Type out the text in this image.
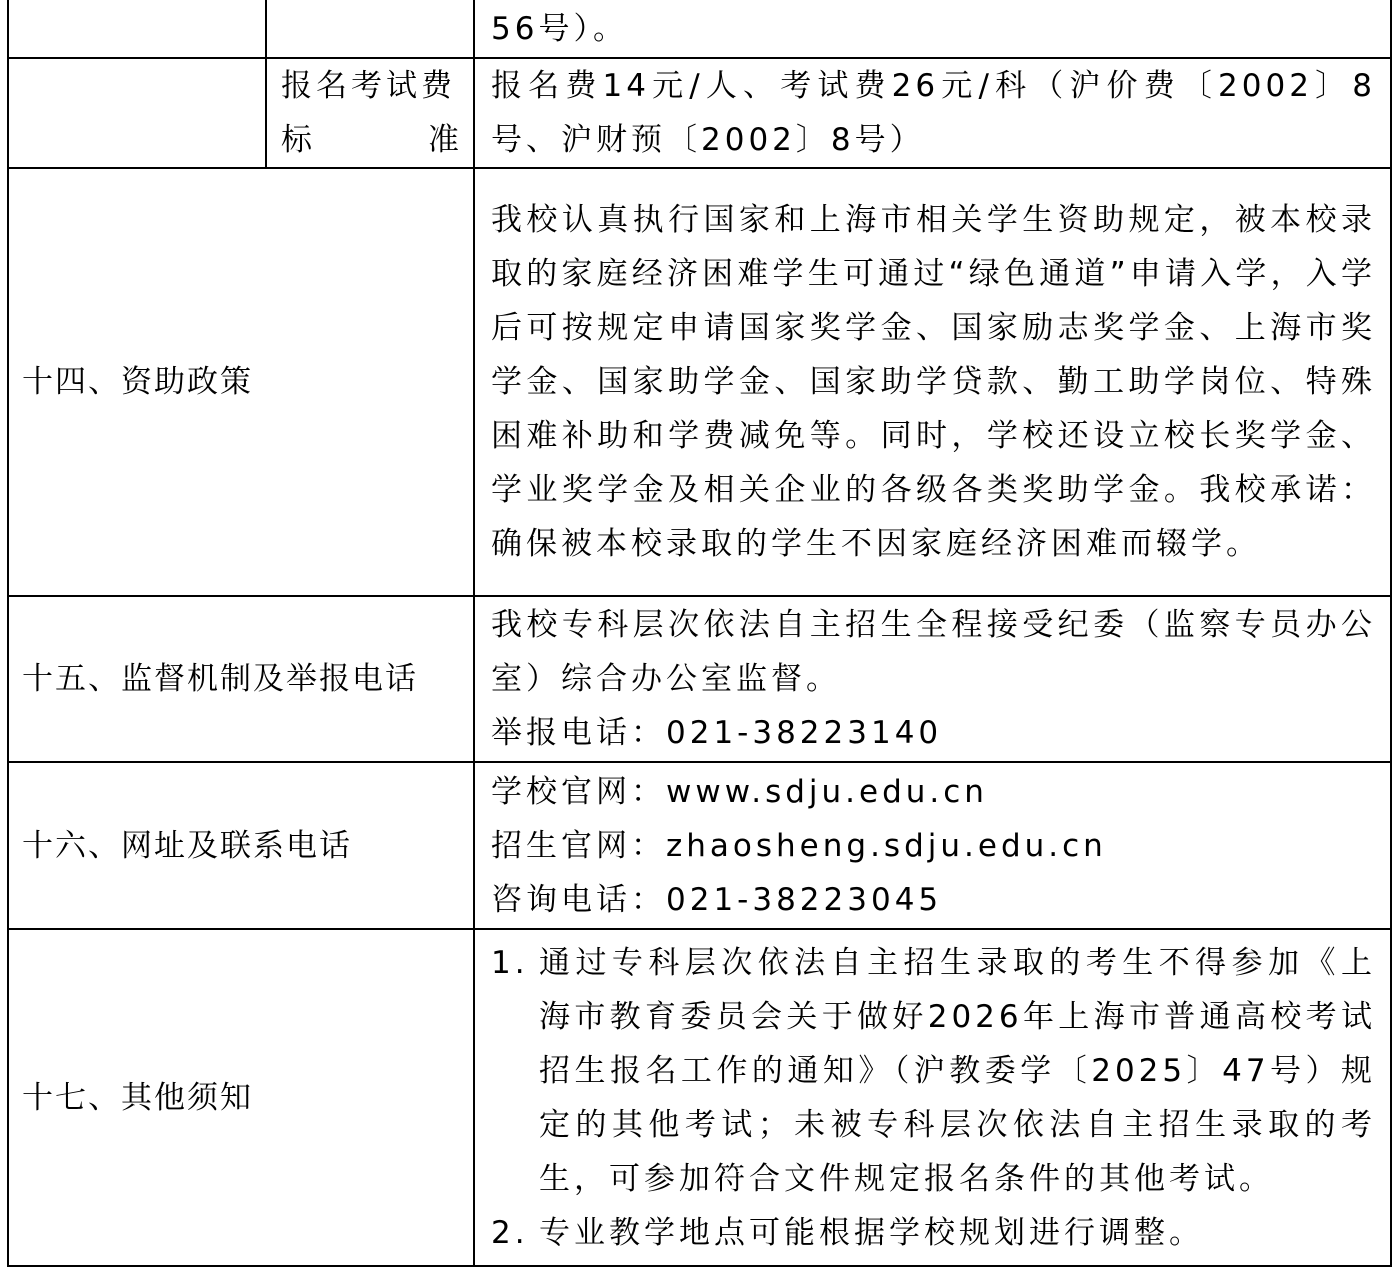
		56号）。

	报名考试费
标 准	报名费14元/人、考试费26元/科（沪价费〔2002〕8号、沪财预〔2002〕8号）
十四、资助政策		我校认真执行国家和上海市相关学生资助规定，被本校录取的家庭经济困难学生可通过“绿色通道”申请入学，入学后可按规定申请国家奖学金、国家励志奖学金、上海市奖学金、国家助学金、国家助学贷款、勤工助学岗位、特殊困难补助和学费减免等。同时，学校还设立校长奖学金、学业奖学金及相关企业的各级各类奖助学金。我校承诺：确保被本校录取的学生不因家庭经济困难而辍学。
十五、监督机制及举报电话		我校专科层次依法自主招生全程接受纪委（监察专员办公室）综合办公室监督。
举报电话：021-38223140

十六、网址及联系电话		学校官网：www.sdju.edu.cn
招生官网：zhaosheng.sdju.edu.cn
咨询电话：021-38223045

十七、其他须知		1. 通过专科层次依法自主招生录取的考生不得参加《上海市教育委员会关于做好2026年上海市普通高校考试招生报名工作的通知》（沪教委学〔2025〕47号）规定的其他考试；未被专科层次依法自主招生录取的考生，可参加符合文件规定报名条件的其他考试。
2. 专业教学地点可能根据学校规划进行调整。
